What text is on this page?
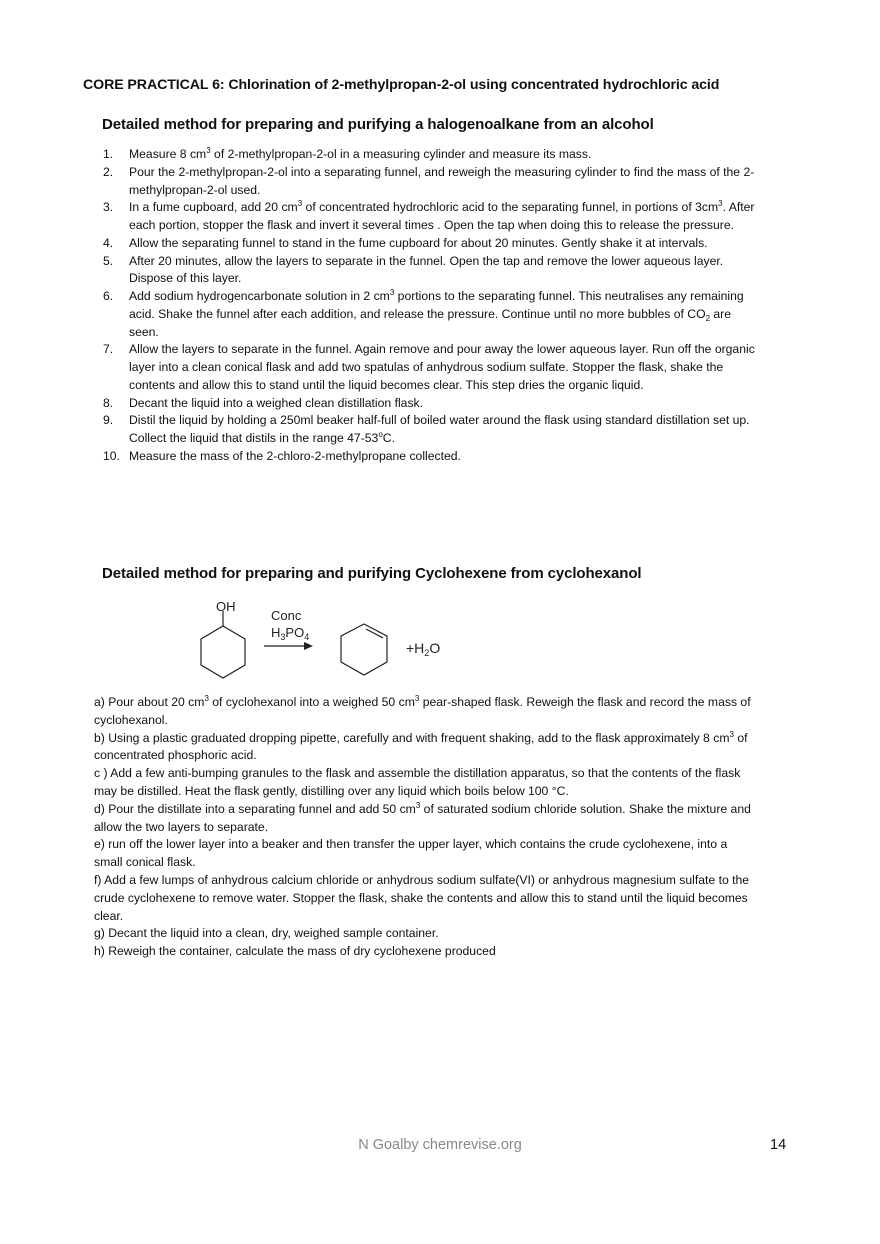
CORE PRACTICAL 6: Chlorination of 2-methylpropan-2-ol using concentrated hydrochloric acid
Detailed method for preparing and purifying a halogenoalkane from an alcohol
1. Measure 8 $cm^3$ of 2-methylpropan-2-ol in a measuring cylinder and measure its mass.
2. Pour the 2-methylpropan-2-ol into a separating funnel, and reweigh the measuring cylinder to find the mass of the 2-methylpropan-2-ol used.
3. In a fume cupboard, add 20 $cm^3$ of concentrated hydrochloric acid to the separating funnel, in portions of $3cm^3$. After each portion, stopper the flask and invert it several times . Open the tap when doing this to release the pressure.
4. Allow the separating funnel to stand in the fume cupboard for about 20 minutes. Gently shake it at intervals.
5. After 20 minutes, allow the layers to separate in the funnel. Open the tap and remove the lower aqueous layer. Dispose of this layer.
6. Add sodium hydrogencarbonate solution in 2 $cm^3$ portions to the separating funnel. This neutralises any remaining acid. Shake the funnel after each addition, and release the pressure. Continue until no more bubbles of $CO_2$ are seen.
7. Allow the layers to separate in the funnel. Again remove and pour away the lower aqueous layer. Run off the organic layer into a clean conical flask and add two spatulas of anhydrous sodium sulfate. Stopper the flask, shake the contents and allow this to stand until the liquid becomes clear. This step dries the organic liquid.
8. Decant the liquid into a weighed clean distillation flask.
9. Distil the liquid by holding a 250ml beaker half-full of boiled water around the flask using standard distillation set up. Collect the liquid that distils in the range 47-53$^o$C.
10. Measure the mass of the 2-chloro-2-methylpropane collected.
Detailed method for preparing and purifying Cyclohexene from cyclohexanol
OH
Conc
$H_3PO_4$
$+H_2O$

a) Pour about 20 $cm^3$ of cyclohexanol into a weighed 50 $cm^3$ pear-shaped flask. Reweigh the flask and record the mass of cyclohexanol.

b) Using a plastic graduated dropping pipette, carefully and with frequent shaking, add to the flask approximately 8 $cm^3$ of concentrated phosphoric acid.

c ) Add a few anti-bumping granules to the flask and assemble the distillation apparatus, so that the contents of the flask may be distilled. Heat the flask gently, distilling over any liquid which boils below 100 °C.

d) Pour the distillate into a separating funnel and add 50 $cm^3$ of saturated sodium chloride solution. Shake the mixture and allow the two layers to separate.

e) run off the lower layer into a beaker and then transfer the upper layer, which contains the crude cyclohexene, into a small conical flask.

f) Add a few lumps of anhydrous calcium chloride or anhydrous sodium sulfate(VI) or anhydrous magnesium sulfate to the crude cyclohexene to remove water. Stopper the flask, shake the contents and allow this to stand until the liquid becomes clear.

g) Decant the liquid into a clean, dry, weighed sample container.

h) Reweigh the container, calculate the mass of dry cyclohexene produced

N Goalby chemrevise.org	14
